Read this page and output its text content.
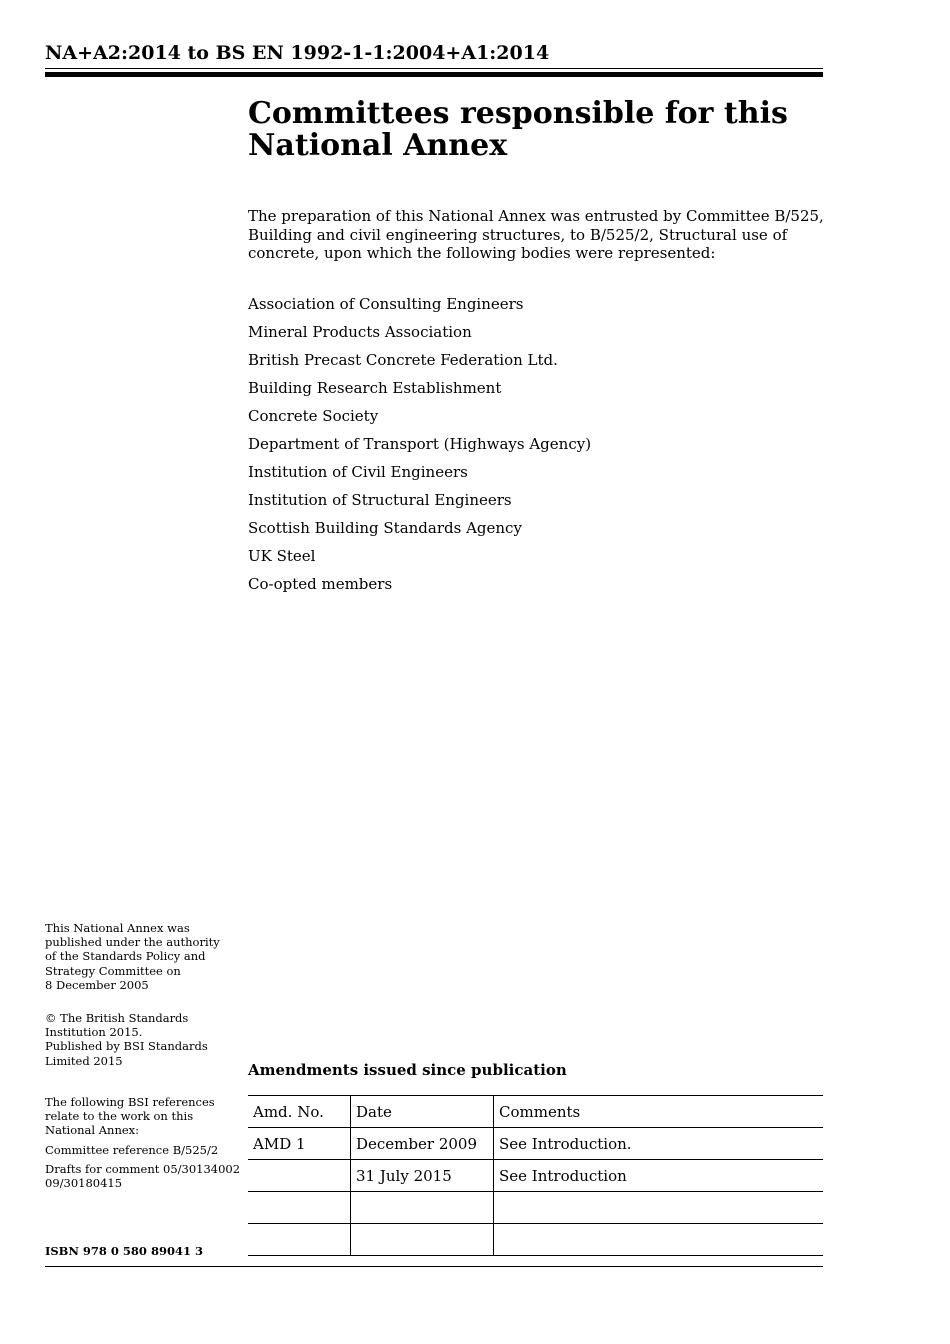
NA+A2:2014 to BS EN 1992-1-1:2004+A1:2014
Committees responsible for this
National Annex

The preparation of this National Annex was entrusted by Committee B/525,
Building and civil engineering structures, to B/525/2, Structural use of
concrete, upon which the following bodies were represented:

Association of Consulting Engineers
Mineral Products Association
British Precast Concrete Federation Ltd.
Building Research Establishment
Concrete Society
Department of Transport (Highways Agency)
Institution of Civil Engineers
Institution of Structural Engineers
Scottish Building Standards Agency
UK Steel
Co-opted members
This National Annex was
published under the authority
of the Standards Policy and
Strategy Committee on
8 December 2005
© The British Standards
Institution 2015.
Published by BSI Standards
Limited 2015
The following BSI references
relate to the work on this
National Annex:
Committee reference B/525/2
Drafts for comment 05/30134002
09/30180415
ISBN 978 0 580 89041 3
Amendments issued since publication
Amd. No.	Date	Comments
AMD 1	December 2009	See Introduction.
	31 July 2015	See Introduction
